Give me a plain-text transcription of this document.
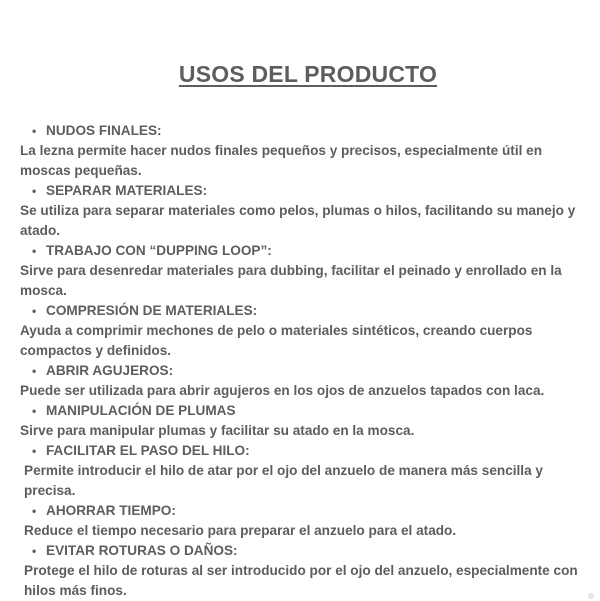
USOS DEL PRODUCTO
• NUDOS FINALES:
La lezna permite hacer nudos finales pequeños y precisos, especialmente útil en moscas pequeñas.
• SEPARAR MATERIALES:
Se utiliza para separar materiales como pelos, plumas o hilos, facilitando su manejo y atado.
• TRABAJO CON “DUPPING LOOP”:
Sirve para desenredar materiales para dubbing, facilitar el peinado y enrollado en la mosca.
• COMPRESIÓN DE MATERIALES:
Ayuda a comprimir mechones de pelo o materiales sintéticos, creando cuerpos compactos y definidos.
• ABRIR AGUJEROS:
Puede ser utilizada para abrir agujeros en los ojos de anzuelos tapados con laca.
• MANIPULACIÓN DE PLUMAS
Sirve para manipular plumas y facilitar su atado en la mosca.
• FACILITAR EL PASO DEL HILO:
Permite introducir el hilo de atar por el ojo del anzuelo de manera más sencilla y precisa.
• AHORRAR TIEMPO:
Reduce el tiempo necesario para preparar el anzuelo para el atado.
• EVITAR ROTURAS O DAÑOS:
Protege el hilo de roturas al ser introducido por el ojo del anzuelo, especialmente con hilos más finos.
